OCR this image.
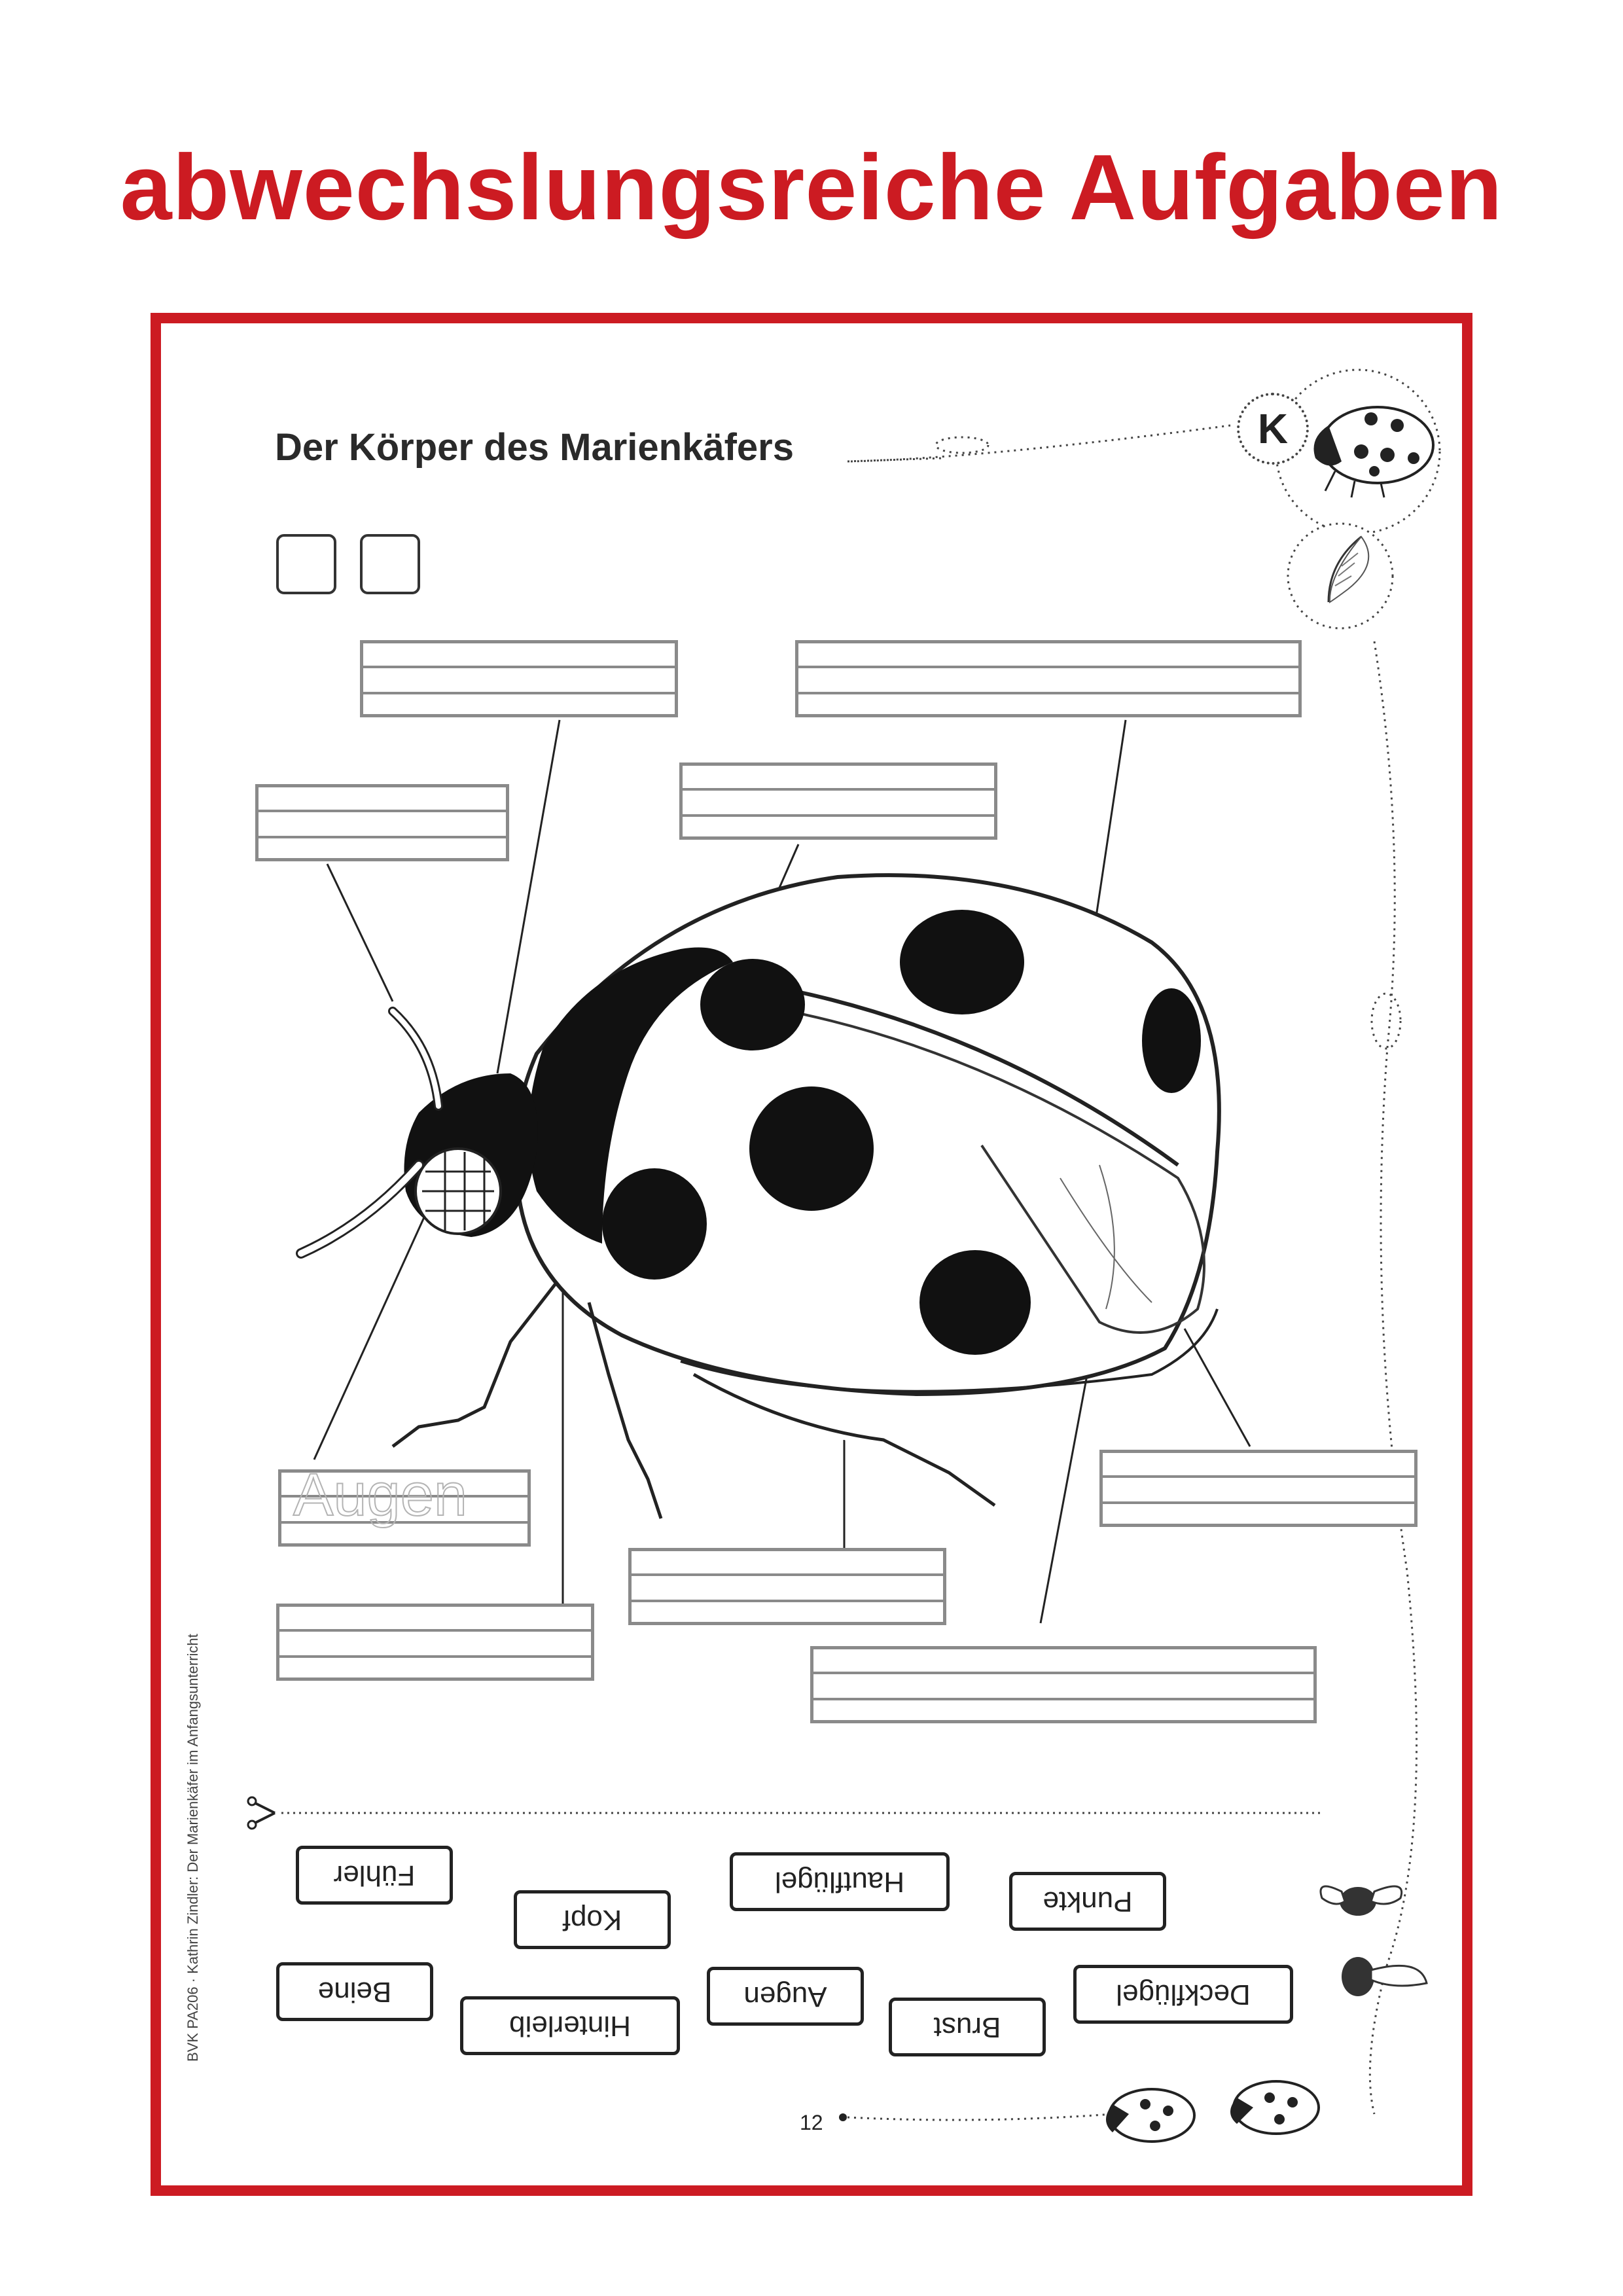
abwechslungsreiche Aufgaben
Der Körper des Marienkäfers	K
Augen
Fühler
Kopf
Hautflügel
Punkte
Beine
Hinterleib
Augen
Brust
Deckflügel
BVK PA206 · Kathrin Zindler: Der Marienkäfer im Anfangsunterricht
12
